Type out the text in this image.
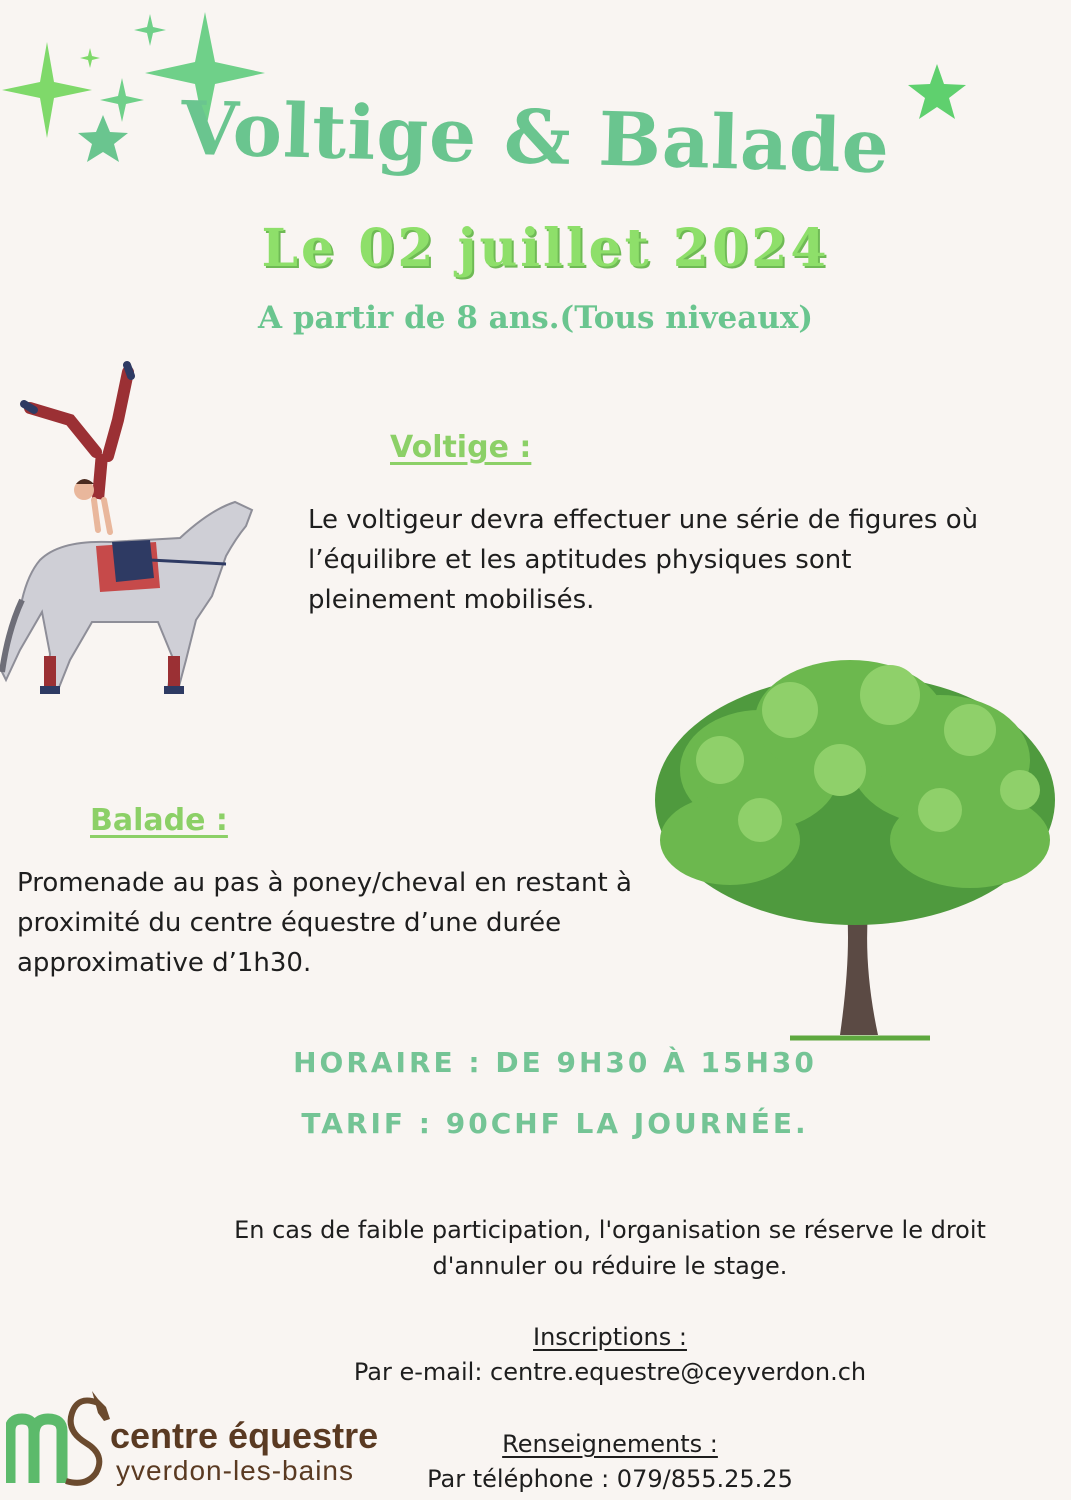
Voltige & Balade
Le 02 juillet 2024
A partir de 8 ans.(Tous niveaux)
Voltige :
Le voltigeur devra effectuer une série de figures où l’équilibre et les aptitudes physiques sont pleinement mobilisés.
Balade :
Promenade au pas à poney/cheval en restant à proximité du centre équestre d’une durée approximative d’1h30.
HORAIRE : DE 9H30 À 15H30
TARIF : 90CHF LA JOURNÉE.
En cas de faible participation, l'organisation se réserve le droit d'annuler ou réduire le stage.
Inscriptions :
Par e-mail: centre.equestre@ceyverdon.ch
Renseignements :
Par téléphone : 079/855.25.25
centre équestre
yverdon-les-bains
